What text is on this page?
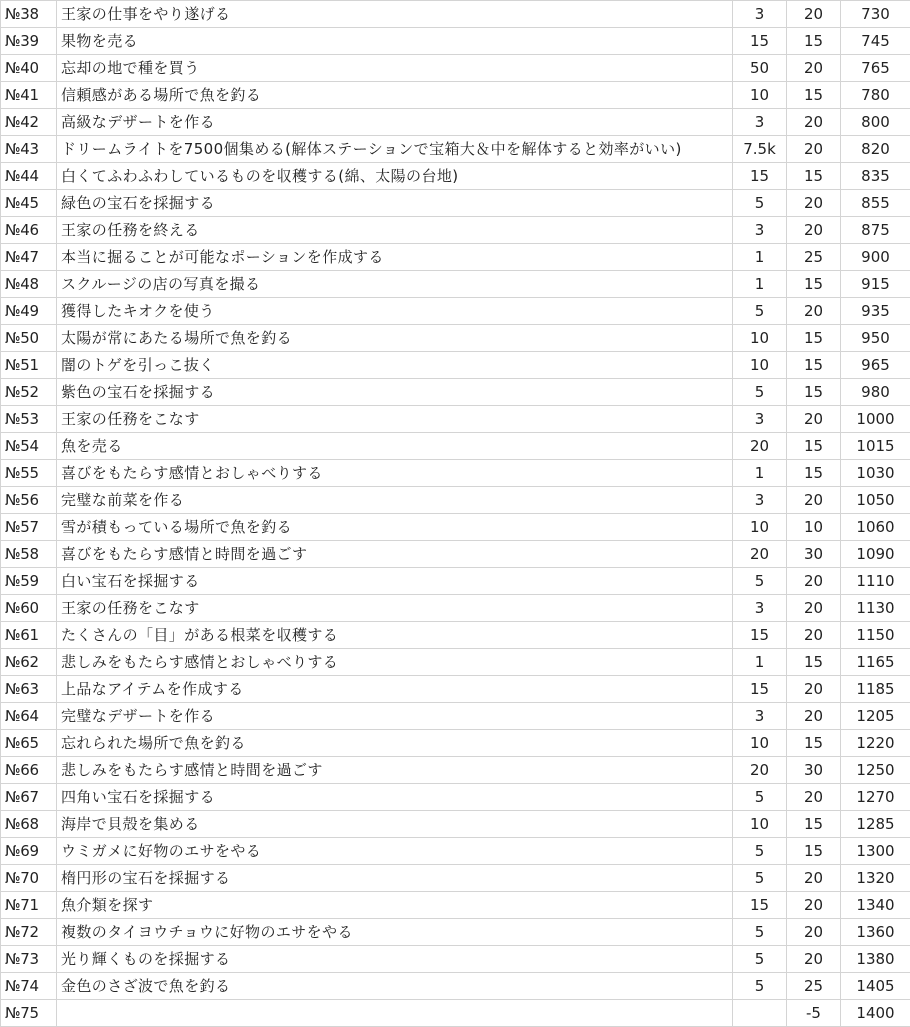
№38	王家の仕事をやり遂げる	3	20	730
№39	果物を売る	15	15	745
№40	忘却の地で種を買う	50	20	765
№41	信頼感がある場所で魚を釣る	10	15	780
№42	高級なデザートを作る	3	20	800
№43	ドリームライトを7500個集める(解体ステーションで宝箱大＆中を解体すると効率がいい)	7.5k	20	820
№44	白くてふわふわしているものを収穫する(綿、太陽の台地)	15	15	835
№45	緑色の宝石を採掘する	5	20	855
№46	王家の任務を終える	3	20	875
№47	本当に掘ることが可能なポーションを作成する	1	25	900
№48	スクルージの店の写真を撮る	1	15	915
№49	獲得したキオクを使う	5	20	935
№50	太陽が常にあたる場所で魚を釣る	10	15	950
№51	闇のトゲを引っこ抜く	10	15	965
№52	紫色の宝石を採掘する	5	15	980
№53	王家の任務をこなす	3	20	1000
№54	魚を売る	20	15	1015
№55	喜びをもたらす感情とおしゃべりする	1	15	1030
№56	完璧な前菜を作る	3	20	1050
№57	雪が積もっている場所で魚を釣る	10	10	1060
№58	喜びをもたらす感情と時間を過ごす	20	30	1090
№59	白い宝石を採掘する	5	20	1110
№60	王家の任務をこなす	3	20	1130
№61	たくさんの「目」がある根菜を収穫する	15	20	1150
№62	悲しみをもたらす感情とおしゃべりする	1	15	1165
№63	上品なアイテムを作成する	15	20	1185
№64	完璧なデザートを作る	3	20	1205
№65	忘れられた場所で魚を釣る	10	15	1220
№66	悲しみをもたらす感情と時間を過ごす	20	30	1250
№67	四角い宝石を採掘する	5	20	1270
№68	海岸で貝殻を集める	10	15	1285
№69	ウミガメに好物のエサをやる	5	15	1300
№70	楕円形の宝石を採掘する	5	20	1320
№71	魚介類を探す	15	20	1340
№72	複数のタイヨウチョウに好物のエサをやる	5	20	1360
№73	光り輝くものを採掘する	5	20	1380
№74	金色のさざ波で魚を釣る	5	25	1405
№75			-5	1400
